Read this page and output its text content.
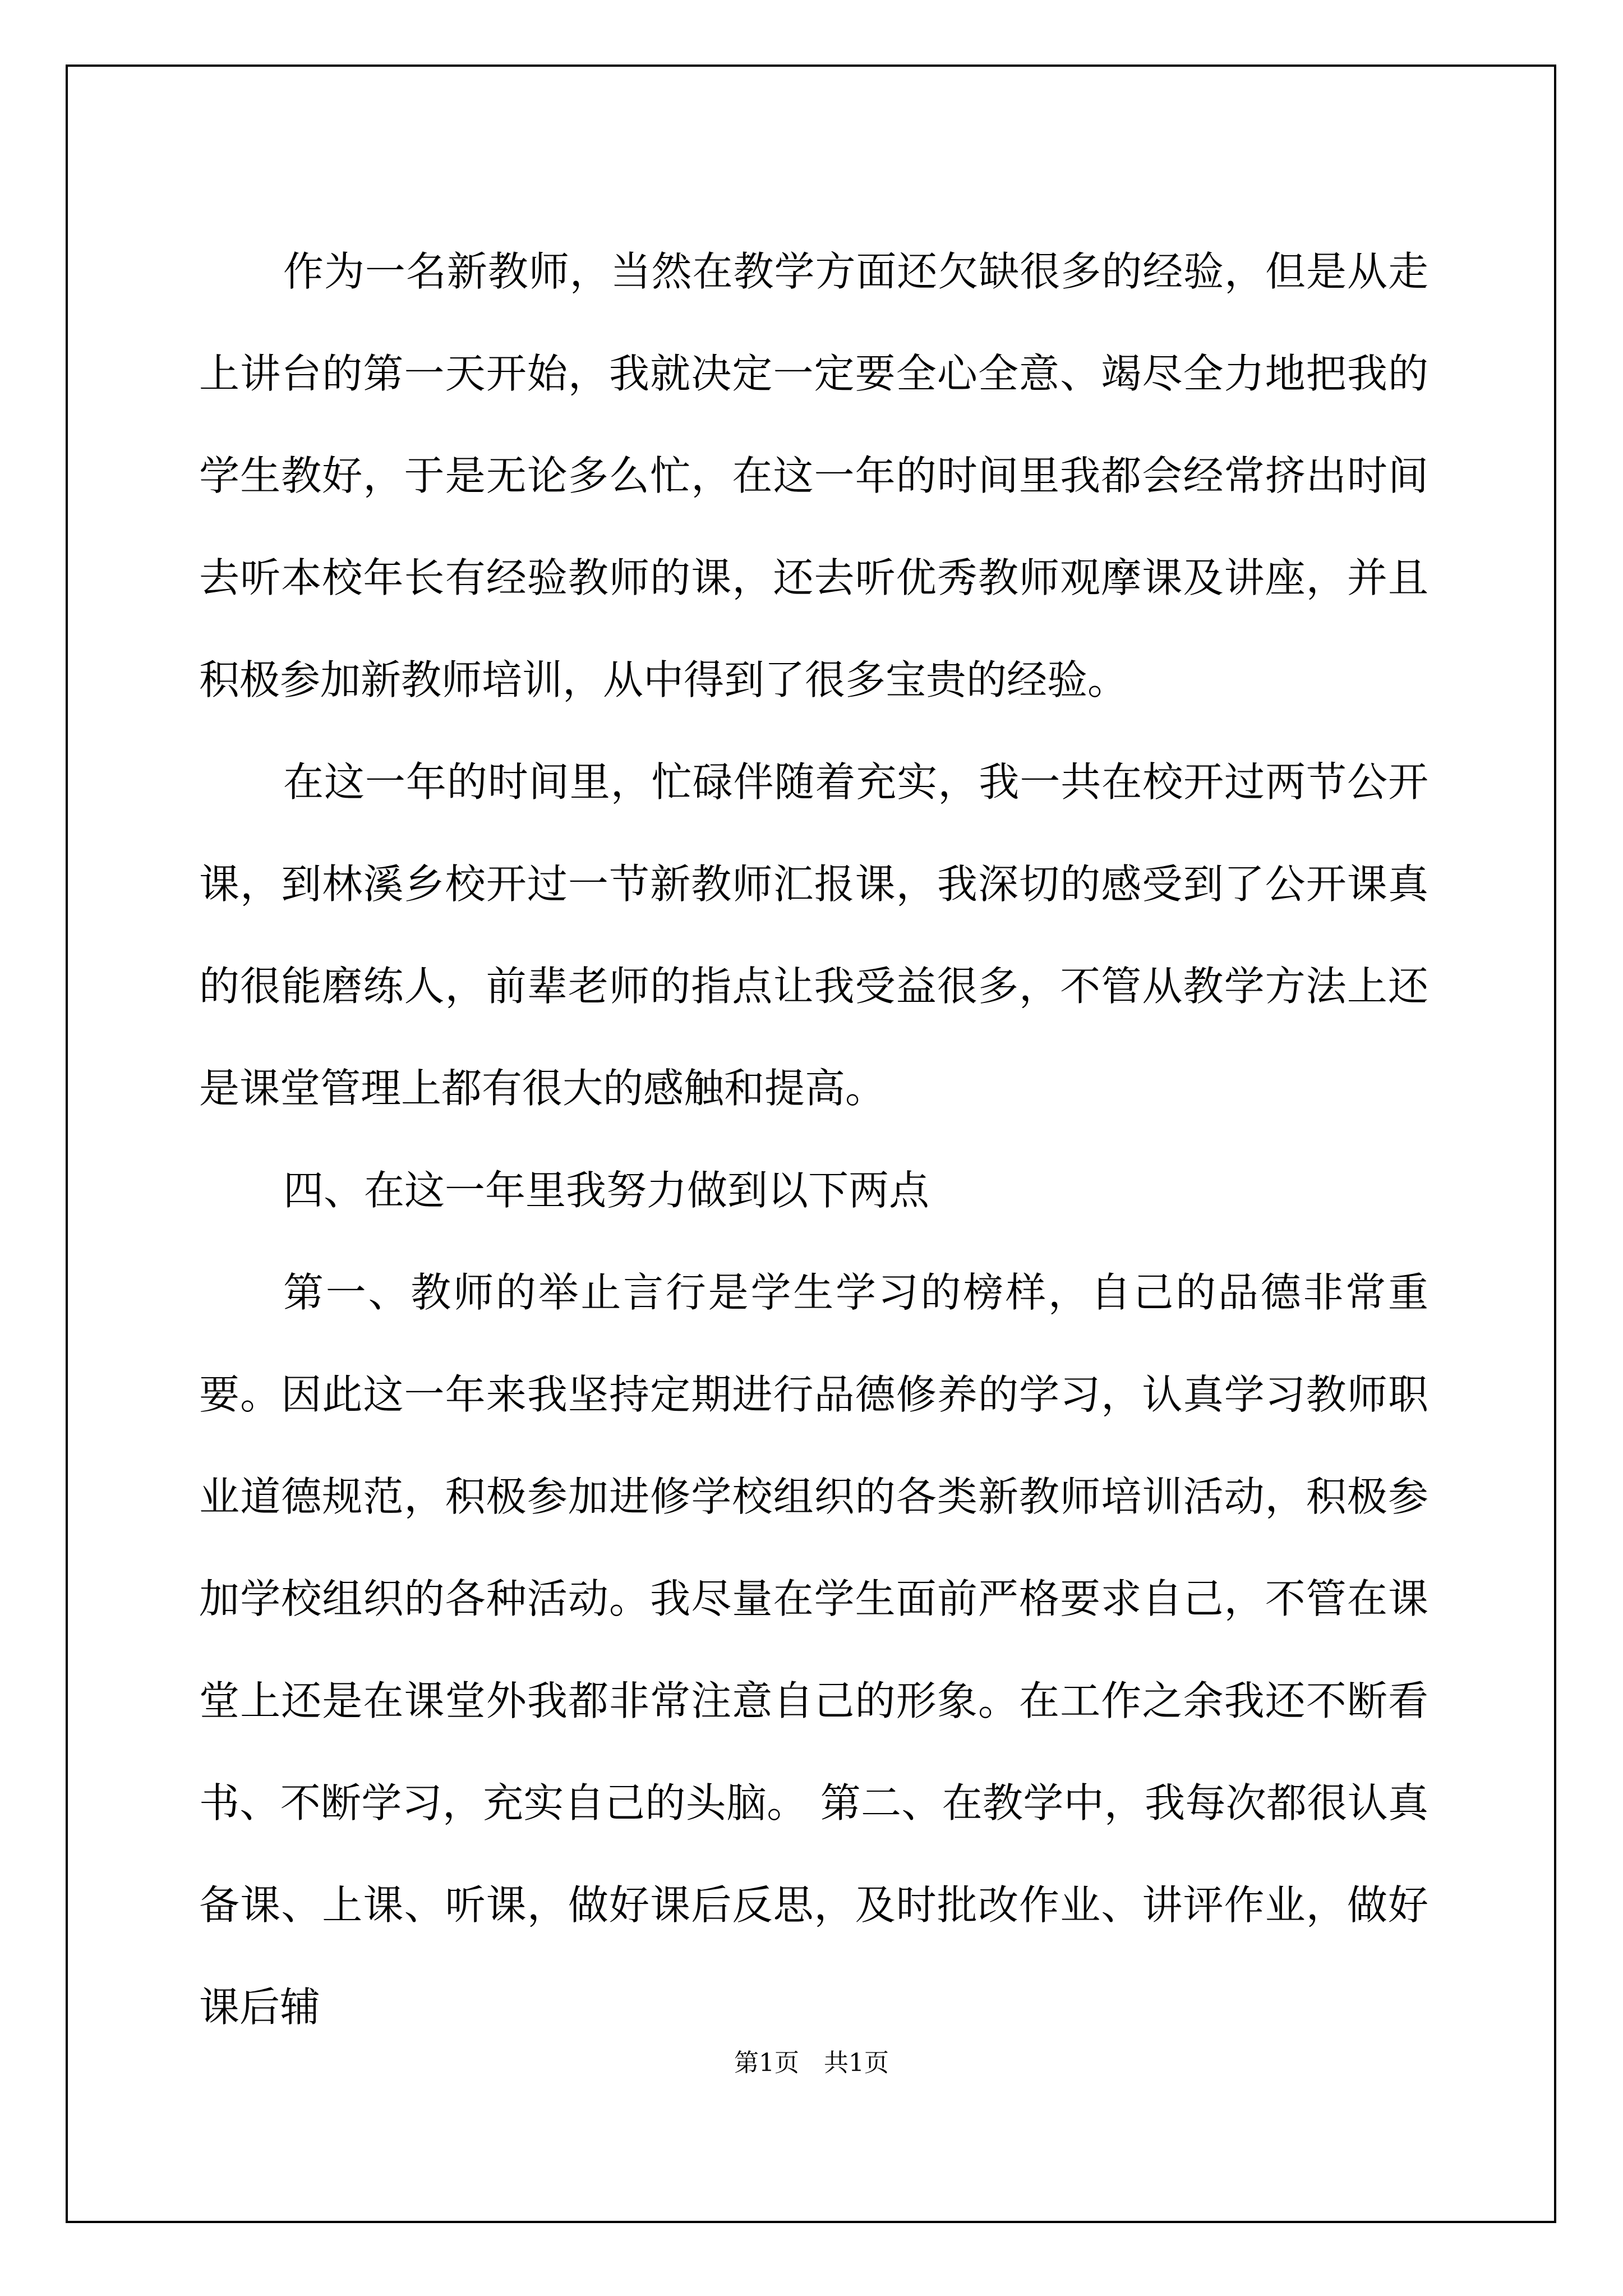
作为一名新教师，当然在教学方面还欠缺很多的经验，但是从走上讲台的第一天开始，我就决定一定要全心全意、竭尽全力地把我的学生教好，于是无论多么忙，在这一年的时间里我都会经常挤出时间去听本校年长有经验教师的课，还去听优秀教师观摩课及讲座，并且积极参加新教师培训，从中得到了很多宝贵的经验。

在这一年的时间里，忙碌伴随着充实，我一共在校开过两节公开课，到林溪乡校开过一节新教师汇报课，我深切的感受到了公开课真的很能磨练人，前辈老师的指点让我受益很多，不管从教学方法上还是课堂管理上都有很大的感触和提高。

四、在这一年里我努力做到以下两点

第一、教师的举止言行是学生学习的榜样，自己的品德非常重要。因此这一年来我坚持定期进行品德修养的学习，认真学习教师职业道德规范，积极参加进修学校组织的各类新教师培训活动，积极参加学校组织的各种活动。我尽量在学生面前严格要求自己，不管在课堂上还是在课堂外我都非常注意自己的形象。在工作之余我还不断看书、不断学习，充实自己的头脑。 第二、在教学中，我每次都很认真备课、上课、听课，做好课后反思，及时批改作业、讲评作业，做好课后辅

第1页 共1页
